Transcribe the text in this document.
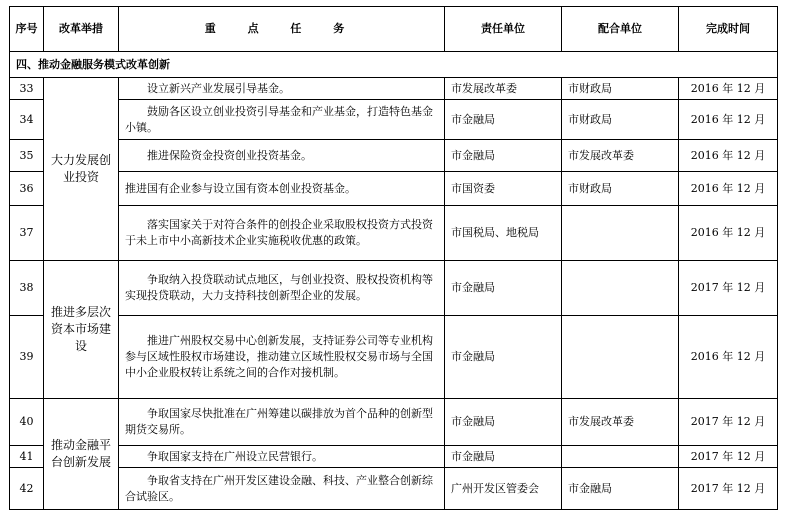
序号	改革举措	重 点 任 务	责任单位	配合单位	完成时间
四、推动金融服务模式改革创新					
33	大力发展创业投资	设立新兴产业发展引导基金。	市发展改革委	市财政局	2016 年 12 月
34		鼓励各区设立创业投资引导基金和产业基金，打造特色基金小镇。	市金融局	市财政局	2016 年 12 月
35		推进保险资金投资创业投资基金。	市金融局	市发展改革委	2016 年 12 月
36		推进国有企业参与设立国有资本创业投资基金。	市国资委	市财政局	2016 年 12 月
37		落实国家关于对符合条件的创投企业采取股权投资方式投资于未上市中小高新技术企业实施税收优惠的政策。	市国税局、地税局		2016 年 12 月
38	推进多层次资本市场建设	争取纳入投贷联动试点地区，与创业投资、股权投资机构等实现投贷联动，大力支持科技创新型企业的发展。	市金融局		2017 年 12 月
39		推进广州股权交易中心创新发展，支持证券公司等专业机构参与区域性股权市场建设，推动建立区域性股权交易市场与全国中小企业股权转让系统之间的合作对接机制。	市金融局		2016 年 12 月
40	推动金融平台创新发展	争取国家尽快批准在广州筹建以碳排放为首个品种的创新型期货交易所。	市金融局	市发展改革委	2017 年 12 月
41		争取国家支持在广州设立民营银行。	市金融局		2017 年 12 月
42		争取省支持在广州开发区建设金融、科技、产业整合创新综合试验区。	广州开发区管委会	市金融局	2017 年 12 月
